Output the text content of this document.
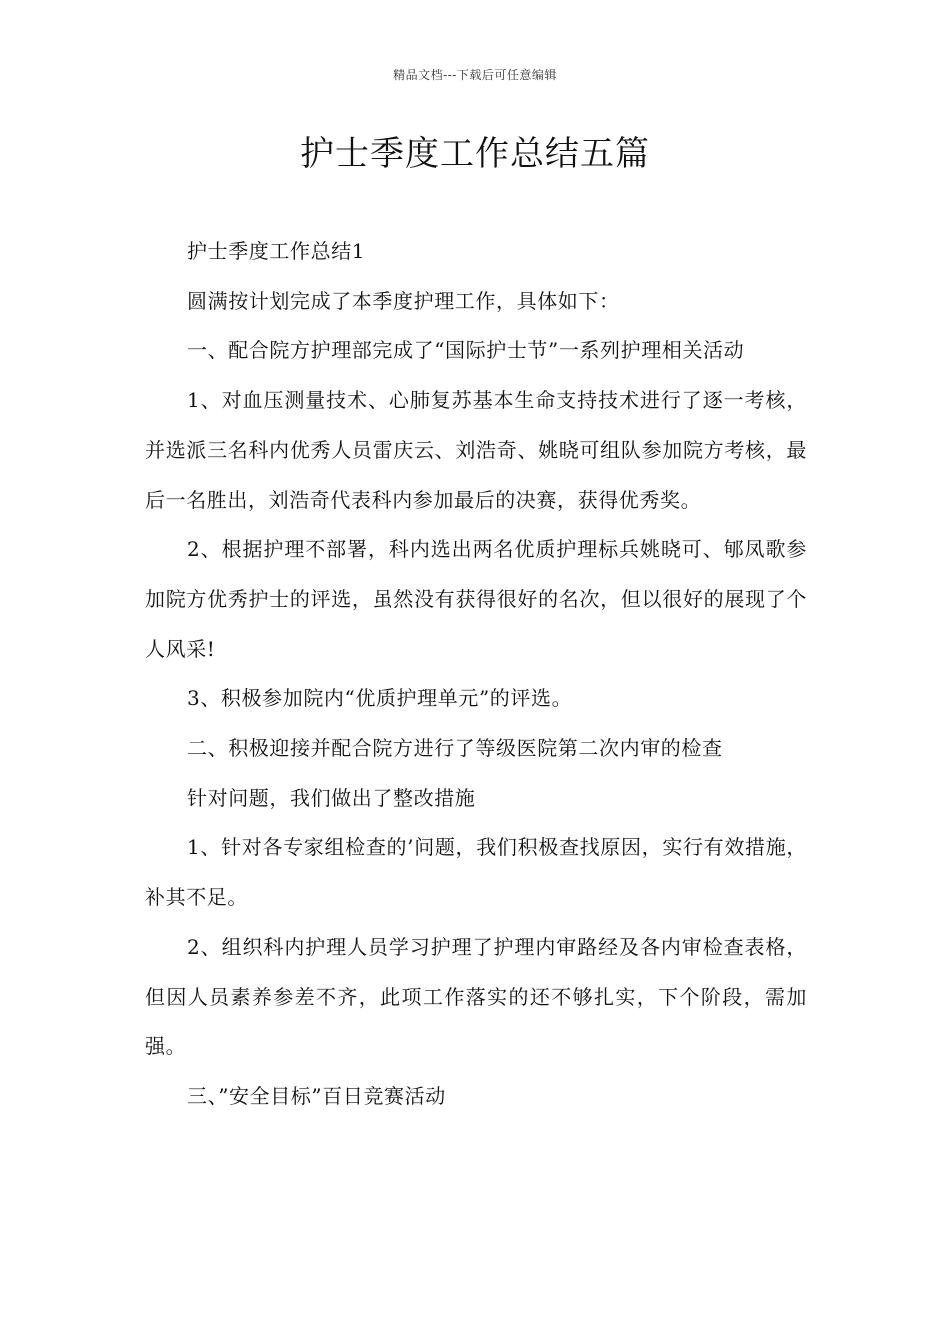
精品文档---下载后可任意编辑
护士季度工作总结五篇

护士季度工作总结1

圆满按计划完成了本季度护理工作，具体如下：

一、配合院方护理部完成了“国际护士节”一系列护理相关活动

1、对血压测量技术、心肺复苏基本生命支持技术进行了逐一考核，并选派三名科内优秀人员雷庆云、刘浩奇、姚晓可组队参加院方考核，最后一名胜出，刘浩奇代表科内参加最后的决赛，获得优秀奖。

2、根据护理不部署，科内选出两名优质护理标兵姚晓可、郇凤歌参加院方优秀护士的评选，虽然没有获得很好的名次，但以很好的展现了个人风采!

3、积极参加院内“优质护理单元”的评选。

二、积极迎接并配合院方进行了等级医院第二次内审的检查

针对问题，我们做出了整改措施

1、针对各专家组检查的’问题，我们积极查找原因，实行有效措施，补其不足。

2、组织科内护理人员学习护理了护理内审路经及各内审检查表格，但因人员素养参差不齐，此项工作落实的还不够扎实，下个阶段，需加强。

三、”安全目标”百日竞赛活动
